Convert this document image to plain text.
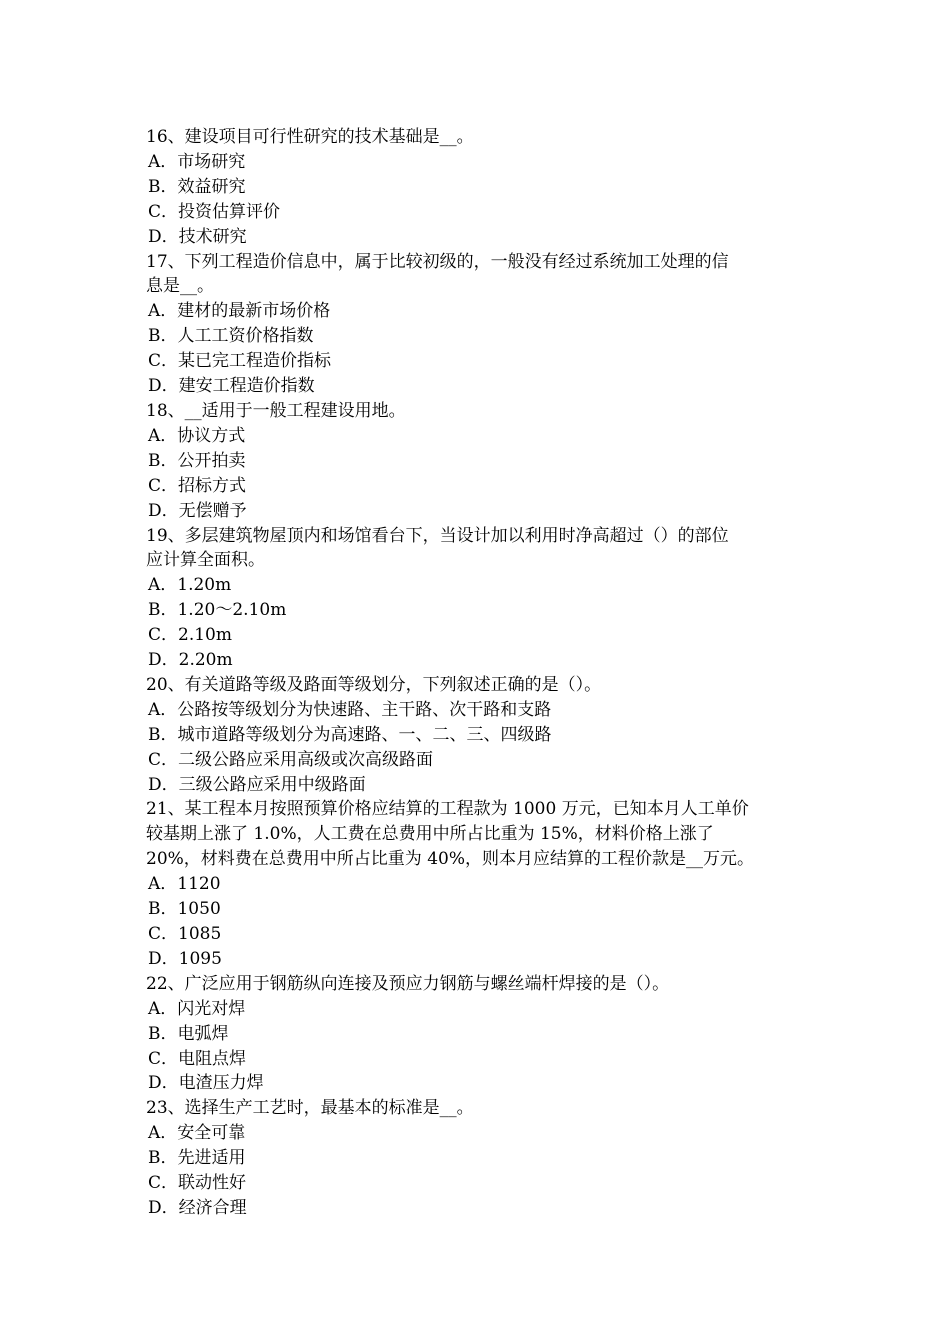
16、建设项目可行性研究的技术基础是__。
A．市场研究
B．效益研究
C．投资估算评价
D．技术研究
17、下列工程造价信息中，属于比较初级的，一般没有经过系统加工处理的信
息是__。
A．建材的最新市场价格
B．人工工资价格指数
C．某已完工程造价指标
D．建安工程造价指数
18、__适用于一般工程建设用地。
A．协议方式
B．公开拍卖
C．招标方式
D．无偿赠予
19、多层建筑物屋顶内和场馆看台下，当设计加以利用时净高超过（）的部位
应计算全面积。
A．1.20m
B．1.20～2.10m
C．2.10m
D．2.20m
20、有关道路等级及路面等级划分，下列叙述正确的是（）。
A．公路按等级划分为快速路、主干路、次干路和支路
B．城市道路等级划分为高速路、一、二、三、四级路
C．二级公路应采用高级或次高级路面
D．三级公路应采用中级路面
21、某工程本月按照预算价格应结算的工程款为 1000 万元，已知本月人工单价
较基期上涨了 1.0%，人工费在总费用中所占比重为 15%，材料价格上涨了
20%，材料费在总费用中所占比重为 40%，则本月应结算的工程价款是__万元。
A．1120
B．1050
C．1085
D．1095
22、广泛应用于钢筋纵向连接及预应力钢筋与螺丝端杆焊接的是（）。
A．闪光对焊
B．电弧焊
C．电阻点焊
D．电渣压力焊
23、选择生产工艺时，最基本的标准是__。
A．安全可靠
B．先进适用
C．联动性好
D．经济合理
